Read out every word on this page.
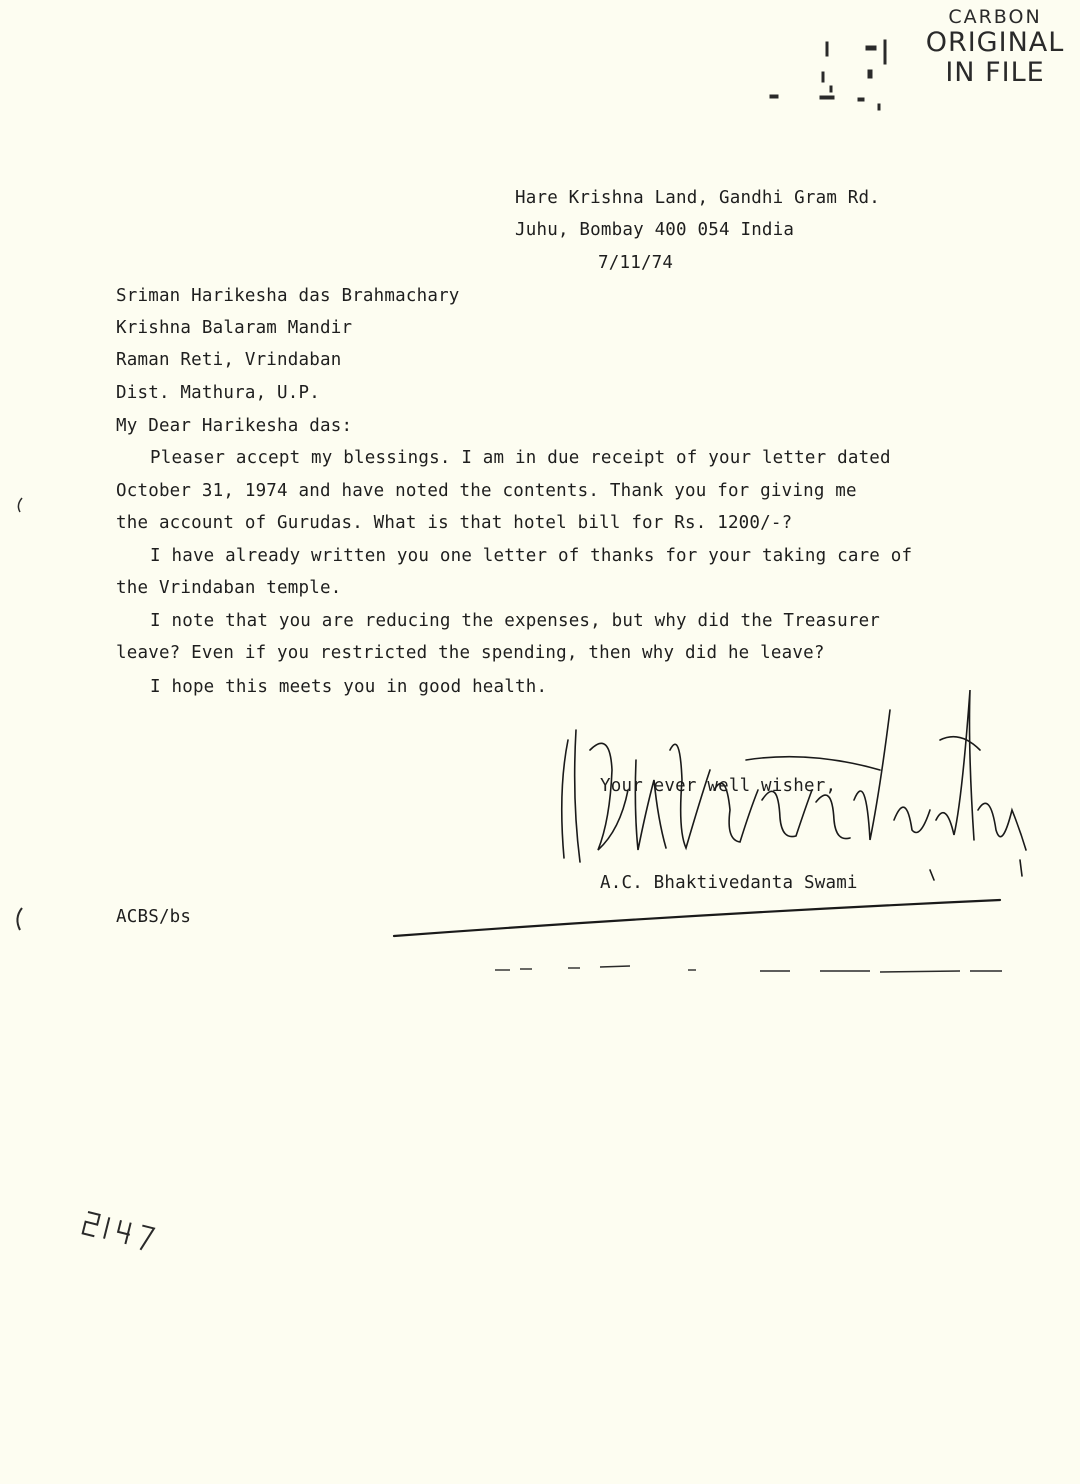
CARBON
ORIGINAL
IN FILE
Hare Krishna Land, Gandhi Gram Rd.
Juhu, Bombay 400 054 India
7/11/74
Sriman Harikesha das Brahmachary
Krishna Balaram Mandir
Raman Reti, Vrindaban
Dist. Mathura, U.P.
My Dear Harikesha das:
Pleaser accept my blessings. I am in due receipt of your letter dated
October 31, 1974 and have noted the contents. Thank you for giving me
the account of Gurudas. What is that hotel bill for Rs. 1200/-?
I have already written you one letter of thanks for your taking care of
the Vrindaban temple.
I note that you are reducing the expenses, but why did the Treasurer
leave? Even if you restricted the spending, then why did he leave?
I hope this meets you in good health.
Your ever well wisher,
A.C. Bhaktivedanta Swami
ACBS/bs
